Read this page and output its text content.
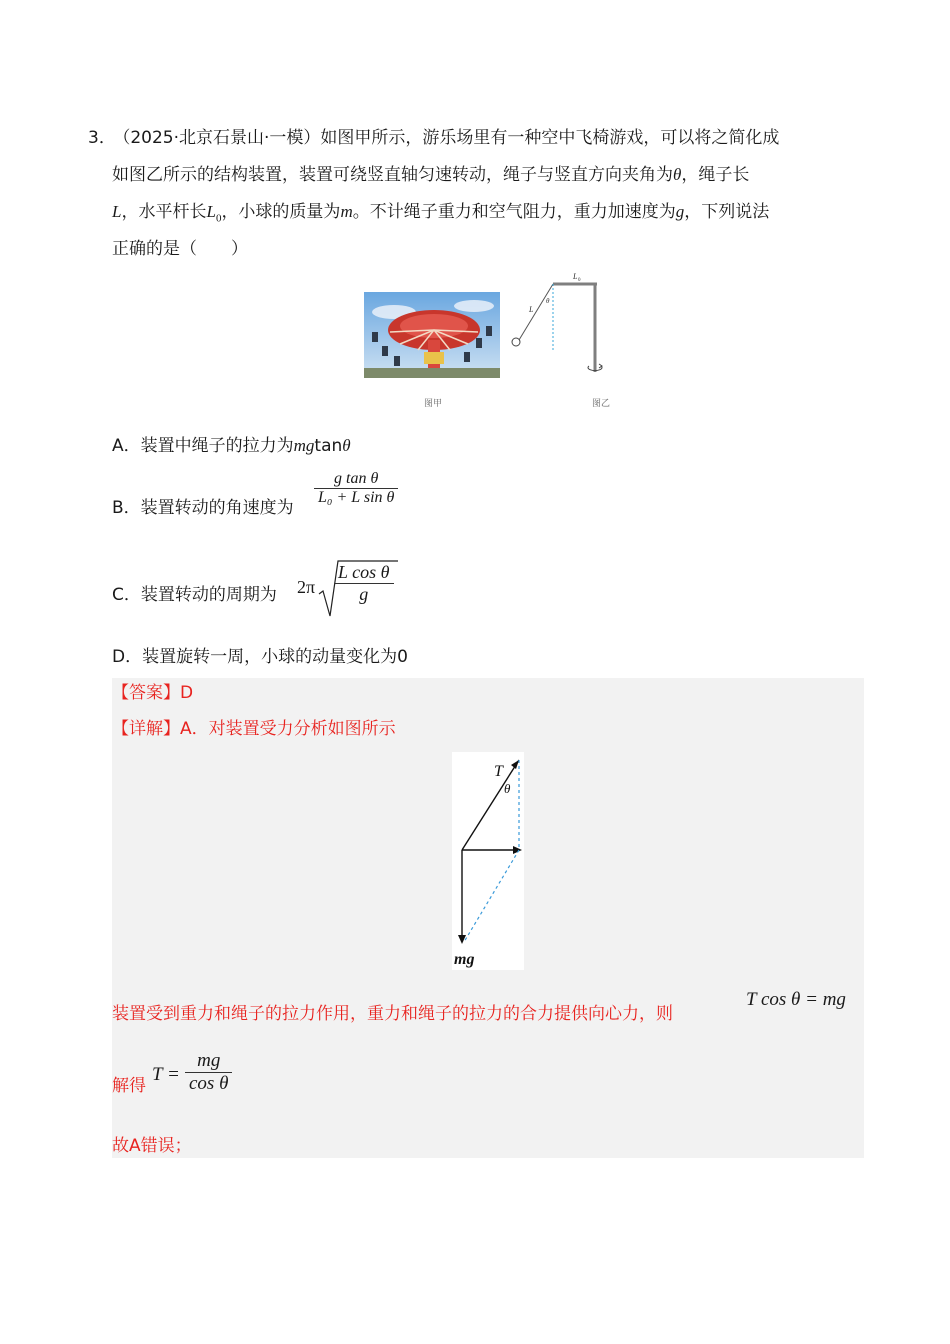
3． （2025·北京石景山·一模）如图甲所示，游乐场里有一种空中飞椅游戏，可以将之简化成
如图乙所示的结构装置，装置可绕竖直轴匀速转动，绳子与竖直方向夹角为θ，绳子长
L，水平杆长$L_0$，小球的质量为m。不计绳子重力和空气阻力，重力加速度为g，下列说法
正确的是（　　）
图甲
L 0
L
θ
图乙
A．装置中绳子的拉力为mgtanθ
B．装置转动的角速度为
$\frac{\text{g tan θ}}{\text{L₀ + L sin θ}}$
C．装置转动的周期为 $2\pi \frac{\text{L cos θ}}{g}$
D．装置旋转一周，小球的动量变化为0
【答案】D
【详解】A．对装置受力分析如图所示
T
θ
mg
装置受到重力和绳子的拉力作用，重力和绳子的拉力的合力提供向心力，则
T cos θ = mg
解得
$T = \frac{mg}{\text{cos θ}}$
故A错误；
